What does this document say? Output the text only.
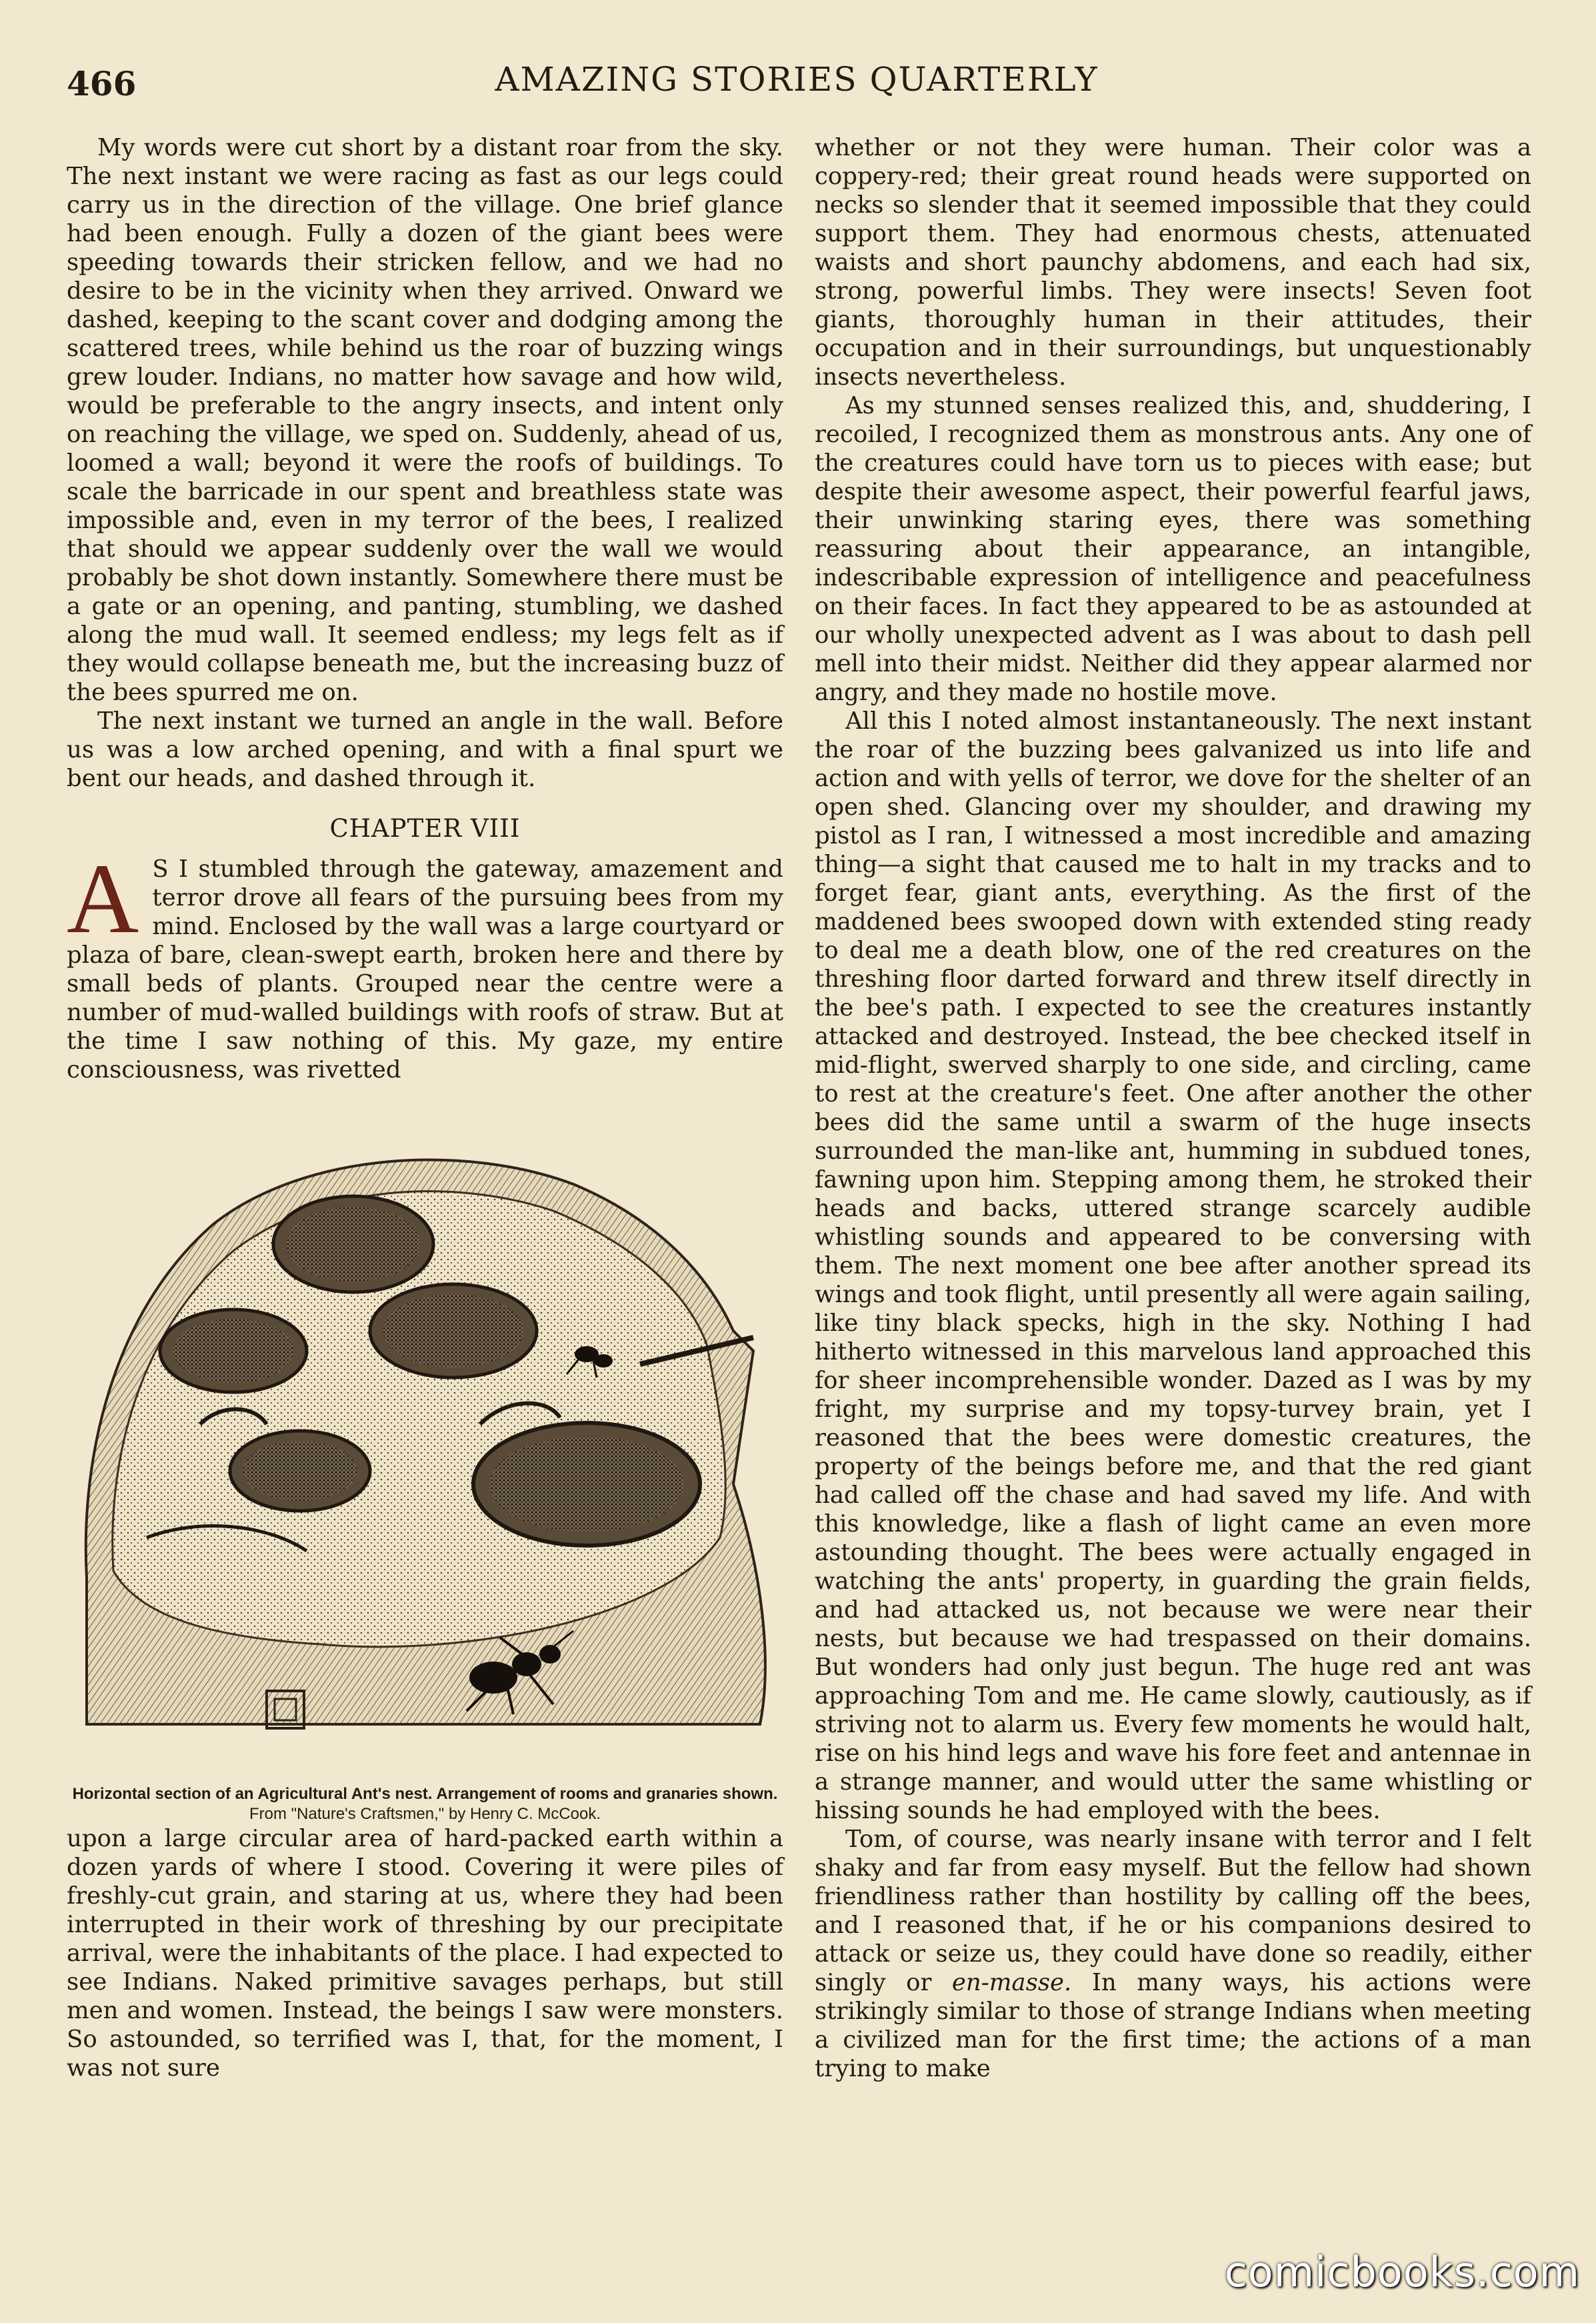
466	AMAZING STORIES QUARTERLY

My words were cut short by a distant roar from the sky. The next instant we were racing as fast as our legs could carry us in the direction of the village. One brief glance had been enough. Fully a dozen of the giant bees were speeding towards their stricken fellow, and we had no desire to be in the vicinity when they arrived. Onward we dashed, keeping to the scant cover and dodging among the scattered trees, while behind us the roar of buzzing wings grew louder. Indians, no matter how savage and how wild, would be preferable to the angry insects, and intent only on reaching the village, we sped on. Suddenly, ahead of us, loomed a wall; beyond it were the roofs of buildings. To scale the barricade in our spent and breathless state was impossible and, even in my terror of the bees, I realized that should we appear suddenly over the wall we would probably be shot down instantly. Somewhere there must be a gate or an opening, and panting, stumbling, we dashed along the mud wall. It seemed endless; my legs felt as if they would collapse beneath me, but the increasing buzz of the bees spurred me on.

The next instant we turned an angle in the wall. Before us was a low arched opening, and with a final spurt we bent our heads, and dashed through it.

CHAPTER VIII

A S I stumbled through the gateway, amazement and terror drove all fears of the pursuing bees from my mind. Enclosed by the wall was a large courtyard or plaza of bare, clean-swept earth, broken here and there by small beds of plants. Grouped near the centre were a number of mud-walled buildings with roofs of straw. But at the time I saw nothing of this. My gaze, my entire consciousness, was rivetted

Horizontal section of an Agricultural Ant's nest. Arrangement of rooms and granaries shown.
From "Nature's Craftsmen," by Henry C. McCook.

upon a large circular area of hard-packed earth within a dozen yards of where I stood. Covering it were piles of freshly-cut grain, and staring at us, where they had been interrupted in their work of threshing by our precipitate arrival, were the inhabitants of the place. I had expected to see Indians. Naked primitive savages perhaps, but still men and women. Instead, the beings I saw were monsters. So astounded, so terrified was I, that, for the moment, I was not sure

whether or not they were human. Their color was a coppery-red; their great round heads were supported on necks so slender that it seemed impossible that they could support them. They had enormous chests, attenuated waists and short paunchy abdomens, and each had six, strong, powerful limbs. They were insects! Seven foot giants, thoroughly human in their attitudes, their occupation and in their surroundings, but unquestionably insects nevertheless.

As my stunned senses realized this, and, shuddering, I recoiled, I recognized them as monstrous ants. Any one of the creatures could have torn us to pieces with ease; but despite their awesome aspect, their powerful fearful jaws, their unwinking staring eyes, there was something reassuring about their appearance, an intangible, indescribable expression of intelligence and peacefulness on their faces. In fact they appeared to be as astounded at our wholly unexpected advent as I was about to dash pell mell into their midst. Neither did they appear alarmed nor angry, and they made no hostile move.

All this I noted almost instantaneously. The next instant the roar of the buzzing bees galvanized us into life and action and with yells of terror, we dove for the shelter of an open shed. Glancing over my shoulder, and drawing my pistol as I ran, I witnessed a most incredible and amazing thing—a sight that caused me to halt in my tracks and to forget fear, giant ants, everything. As the first of the maddened bees swooped down with extended sting ready to deal me a death blow, one of the red creatures on the threshing floor darted forward and threw itself directly in the bee's path. I expected to see the creatures instantly attacked and destroyed. Instead, the bee checked itself in mid-flight, swerved sharply to one side, and circling, came to rest at the creature's feet. One after another the other bees did the same until a swarm of the huge insects surrounded the man-like ant, humming in subdued tones, fawning upon him. Stepping among them, he stroked their heads and backs, uttered strange scarcely audible whistling sounds and appeared to be conversing with them. The next moment one bee after another spread its wings and took flight, until presently all were again sailing, like tiny black specks, high in the sky. Nothing I had hitherto witnessed in this marvelous land approached this for sheer incomprehensible wonder. Dazed as I was by my fright, my surprise and my topsy-turvey brain, yet I reasoned that the bees were domestic creatures, the property of the beings before me, and that the red giant had called off the chase and had saved my life. And with this knowledge, like a flash of light came an even more astounding thought. The bees were actually engaged in watching the ants' property, in guarding the grain fields, and had attacked us, not because we were near their nests, but because we had trespassed on their domains. But wonders had only just begun. The huge red ant was approaching Tom and me. He came slowly, cautiously, as if striving not to alarm us. Every few moments he would halt, rise on his hind legs and wave his fore feet and antennae in a strange manner, and would utter the same whistling or hissing sounds he had employed with the bees.

Tom, of course, was nearly insane with terror and I felt shaky and far from easy myself. But the fellow had shown friendliness rather than hostility by calling off the bees, and I reasoned that, if he or his companions desired to attack or seize us, they could have done so readily, either singly or en-masse. In many ways, his actions were strikingly similar to those of strange Indians when meeting a civilized man for the first time; the actions of a man trying to make

comicbooks.com
